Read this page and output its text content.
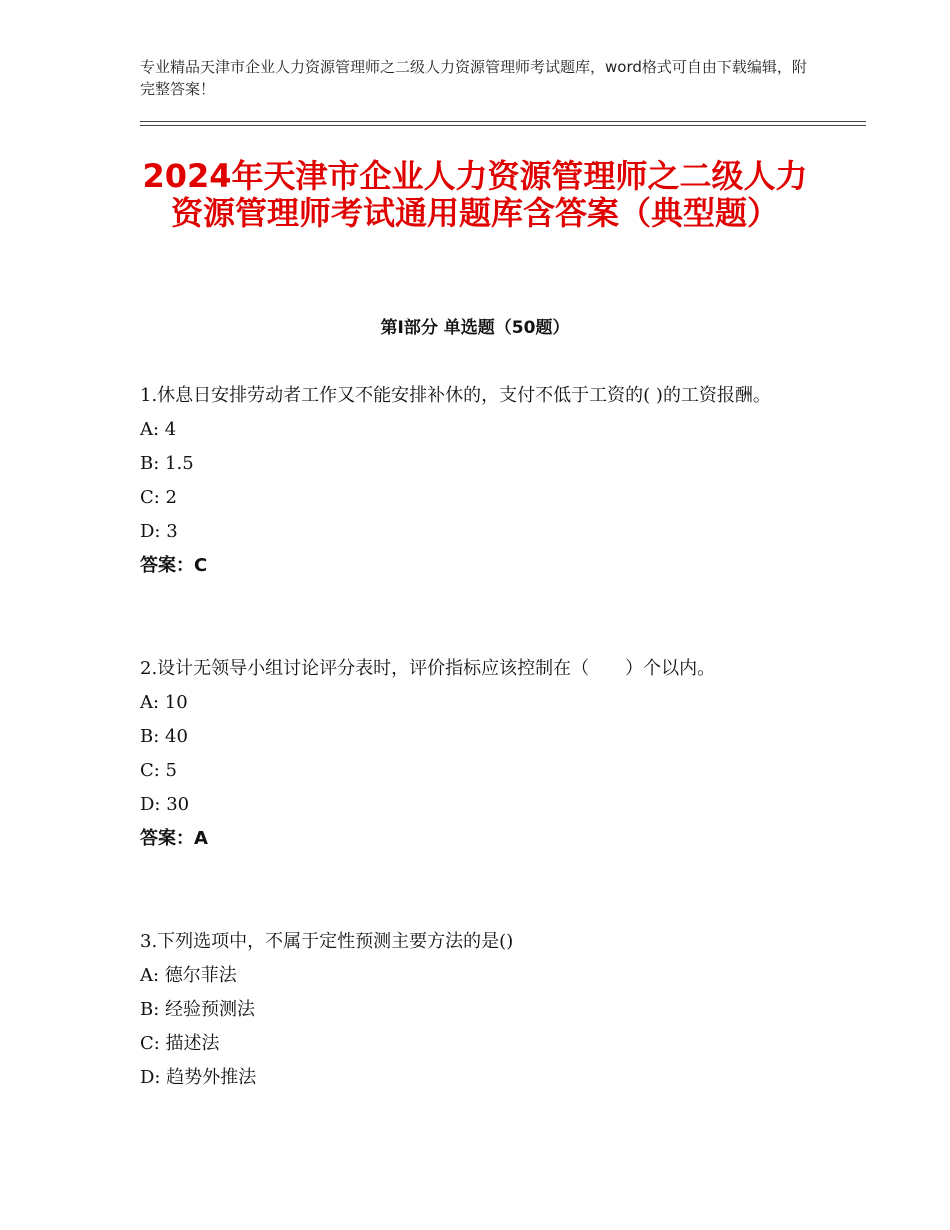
专业精品天津市企业人力资源管理师之二级人力资源管理师考试题库，word格式可自由下载编辑，附完整答案！
2024年天津市企业人力资源管理师之二级人力资源管理师考试通用题库含答案（典型题）
第Ⅰ部分 单选题（50题）

1.休息日安排劳动者工作又不能安排补休的，支付不低于工资的( )的工资报酬。

A: 4

B: 1.5

C: 2

D: 3

答案：C

2.设计无领导小组讨论评分表时，评价指标应该控制在（　　）个以内。

A: 10

B: 40

C: 5

D: 30

答案：A

3.下列选项中，不属于定性预测主要方法的是()

A: 德尔菲法

B: 经验预测法

C: 描述法

D: 趋势外推法
